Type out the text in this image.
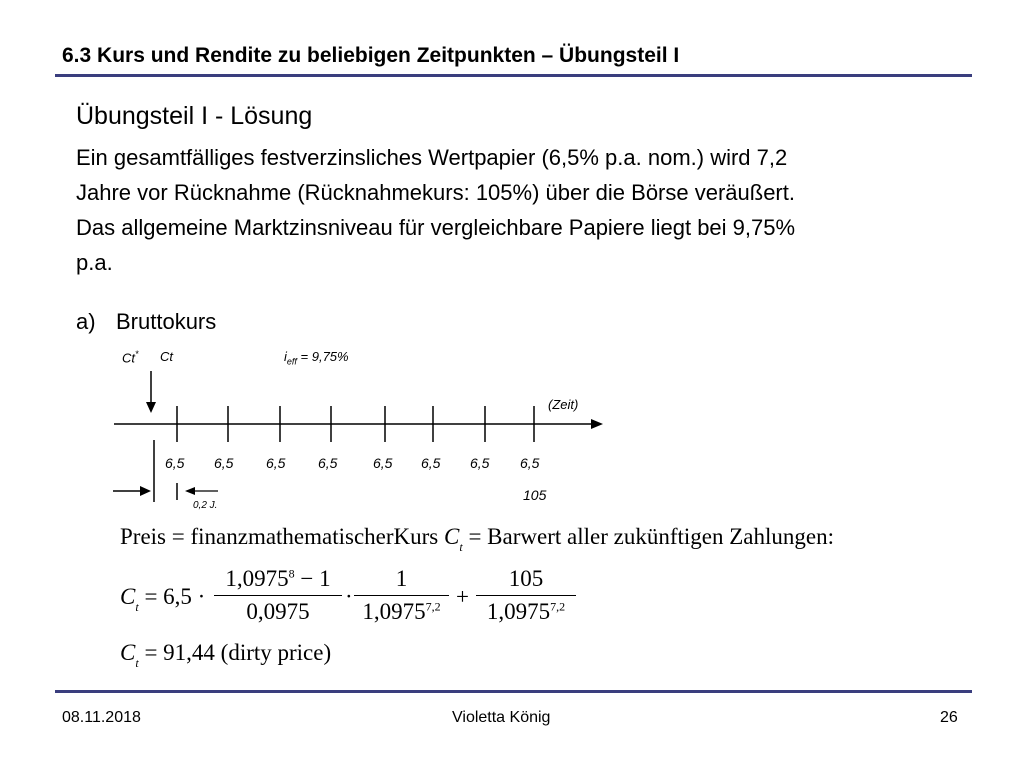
6.3 Kurs und Rendite zu beliebigen Zeitpunkten – Übungsteil I
Übungsteil I - Lösung
Ein gesamtfälliges festverzinsliches Wertpapier (6,5% p.a. nom.) wird 7,2
Jahre vor Rücknahme (Rücknahmekurs: 105%) über die Börse veräußert.
Das allgemeine Marktzinsniveau für vergleichbare Papiere liegt bei 9,75%
p.a.
a) Bruttokurs
Ct* Ct	$i_{eff} = 9,75\%$
(Zeit)
6,5 6,5 6,5 6,5	6,5 6,5 6,5 6,5
105
0,2 J.
Preis = finanzmathematischerKurs $C_t$ = Barwert aller zukünftigen Zahlungen:
$C_t = 6,5 \cdot \frac{1,0975^8 - 1}{0,0975} \cdot \frac{1}{1,0975^{7,2}} + \frac{105}{1,0975^{7,2}}$
$C_t = 91,44$ (dirty price)
08.11.2018	Violetta König	26
